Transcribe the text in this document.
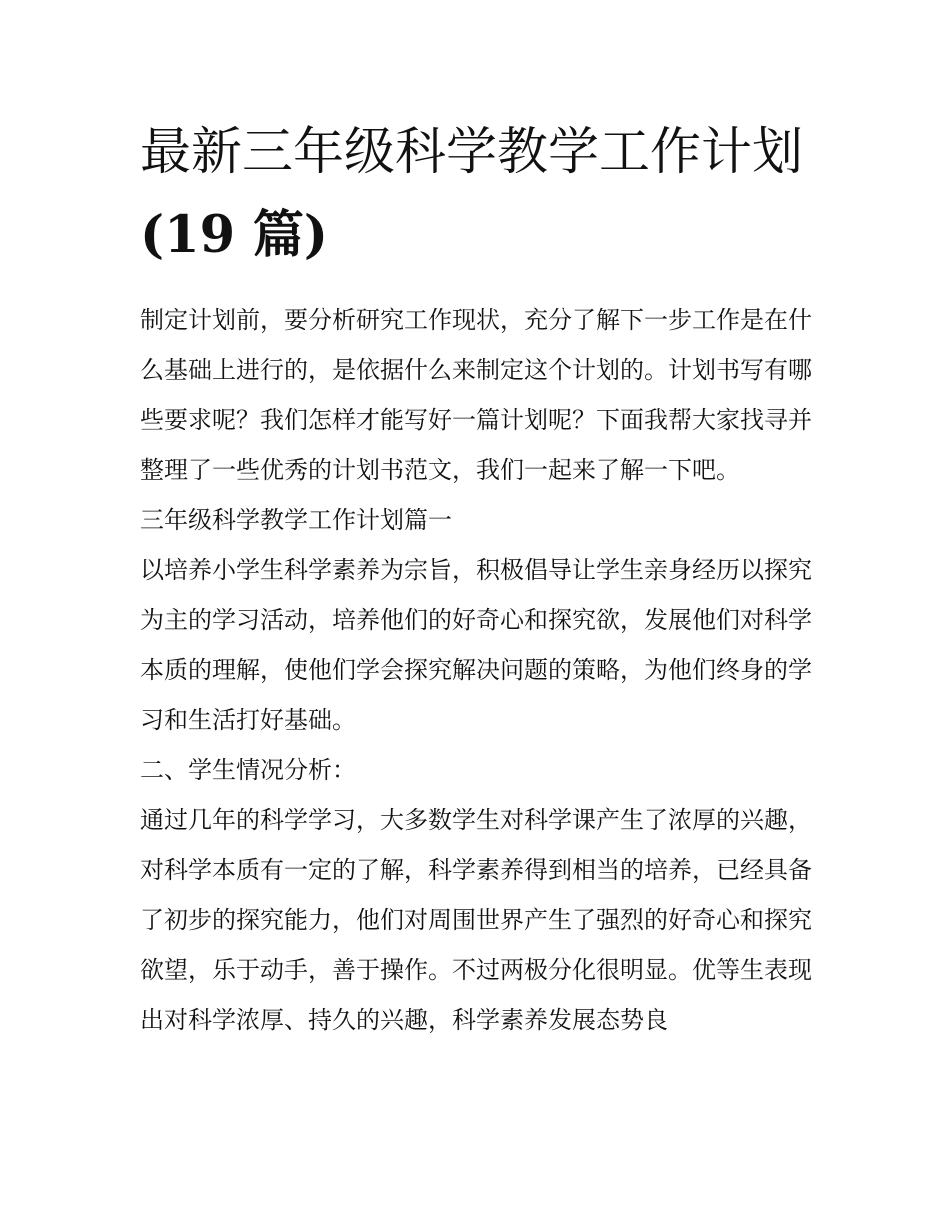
最新三年级科学教学工作计划
(19 篇)

制定计划前，要分析研究工作现状，充分了解下一步工作是在什么基础上进行的，是依据什么来制定这个计划的。计划书写有哪些要求呢？我们怎样才能写好一篇计划呢？下面我帮大家找寻并整理了一些优秀的计划书范文，我们一起来了解一下吧。

三年级科学教学工作计划篇一

以培养小学生科学素养为宗旨，积极倡导让学生亲身经历以探究为主的学习活动，培养他们的好奇心和探究欲，发展他们对科学本质的理解，使他们学会探究解决问题的策略，为他们终身的学习和生活打好基础。

二、学生情况分析：

通过几年的科学学习，大多数学生对科学课产生了浓厚的兴趣，对科学本质有一定的了解，科学素养得到相当的培养，已经具备了初步的探究能力，他们对周围世界产生了强烈的好奇心和探究欲望，乐于动手，善于操作。不过两极分化很明显。优等生表现出对科学浓厚、持久的兴趣，科学素养发展态势良
